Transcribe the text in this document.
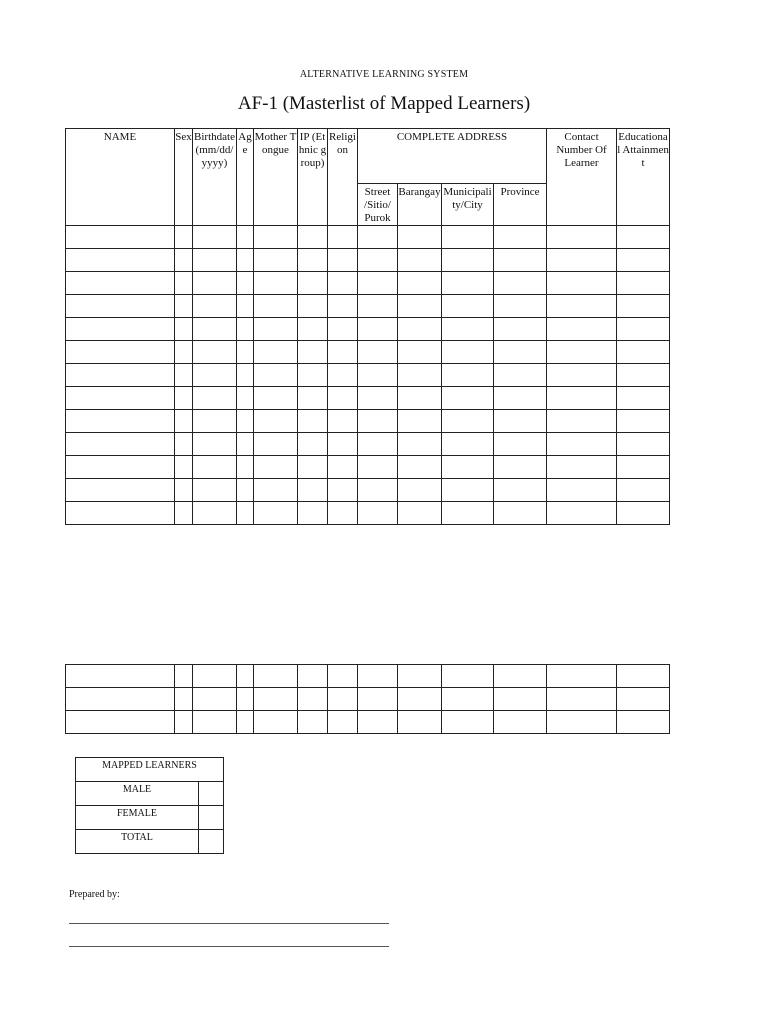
ALTERNATIVE LEARNING SYSTEM
AF-1 (Masterlist of Mapped Learners)
NAME	Sex	Birthdate (mm/dd/yyyy)	Age	Mother Tongue	IP (Ethnic group)	Religion	COMPLETE ADDRESS				Contact Number Of Learner	Educational Attainment
							Street /Sitio/ Purok	Barangay	Municipality/City	Province		

MAPPED LEARNERS	
MALE	
FEMALE	
TOTAL	
Prepared by:
